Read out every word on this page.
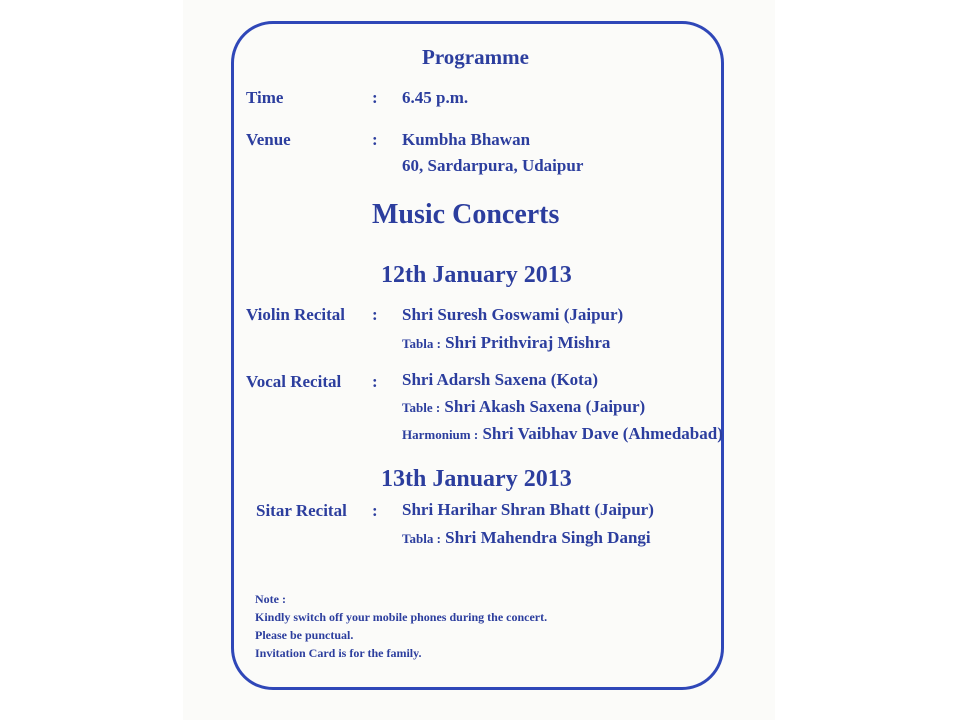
Programme
Time	: 6.45 p.m.
Venue	: Kumbha Bhawan
60, Sardarpura, Udaipur
Music Concerts
12th January 2013
Violin Recital : Shri Suresh Goswami (Jaipur)
Tabla : Shri Prithviraj Mishra
Vocal Recital : Shri Adarsh Saxena (Kota)
Table : Shri Akash Saxena (Jaipur)
Harmonium : Shri Vaibhav Dave (Ahmedabad)
13th January 2013
Sitar Recital : Shri Harihar Shran Bhatt (Jaipur)
Tabla : Shri Mahendra Singh Dangi
Note :
Kindly switch off your mobile phones during the concert.
Please be punctual.
Invitation Card is for the family.
